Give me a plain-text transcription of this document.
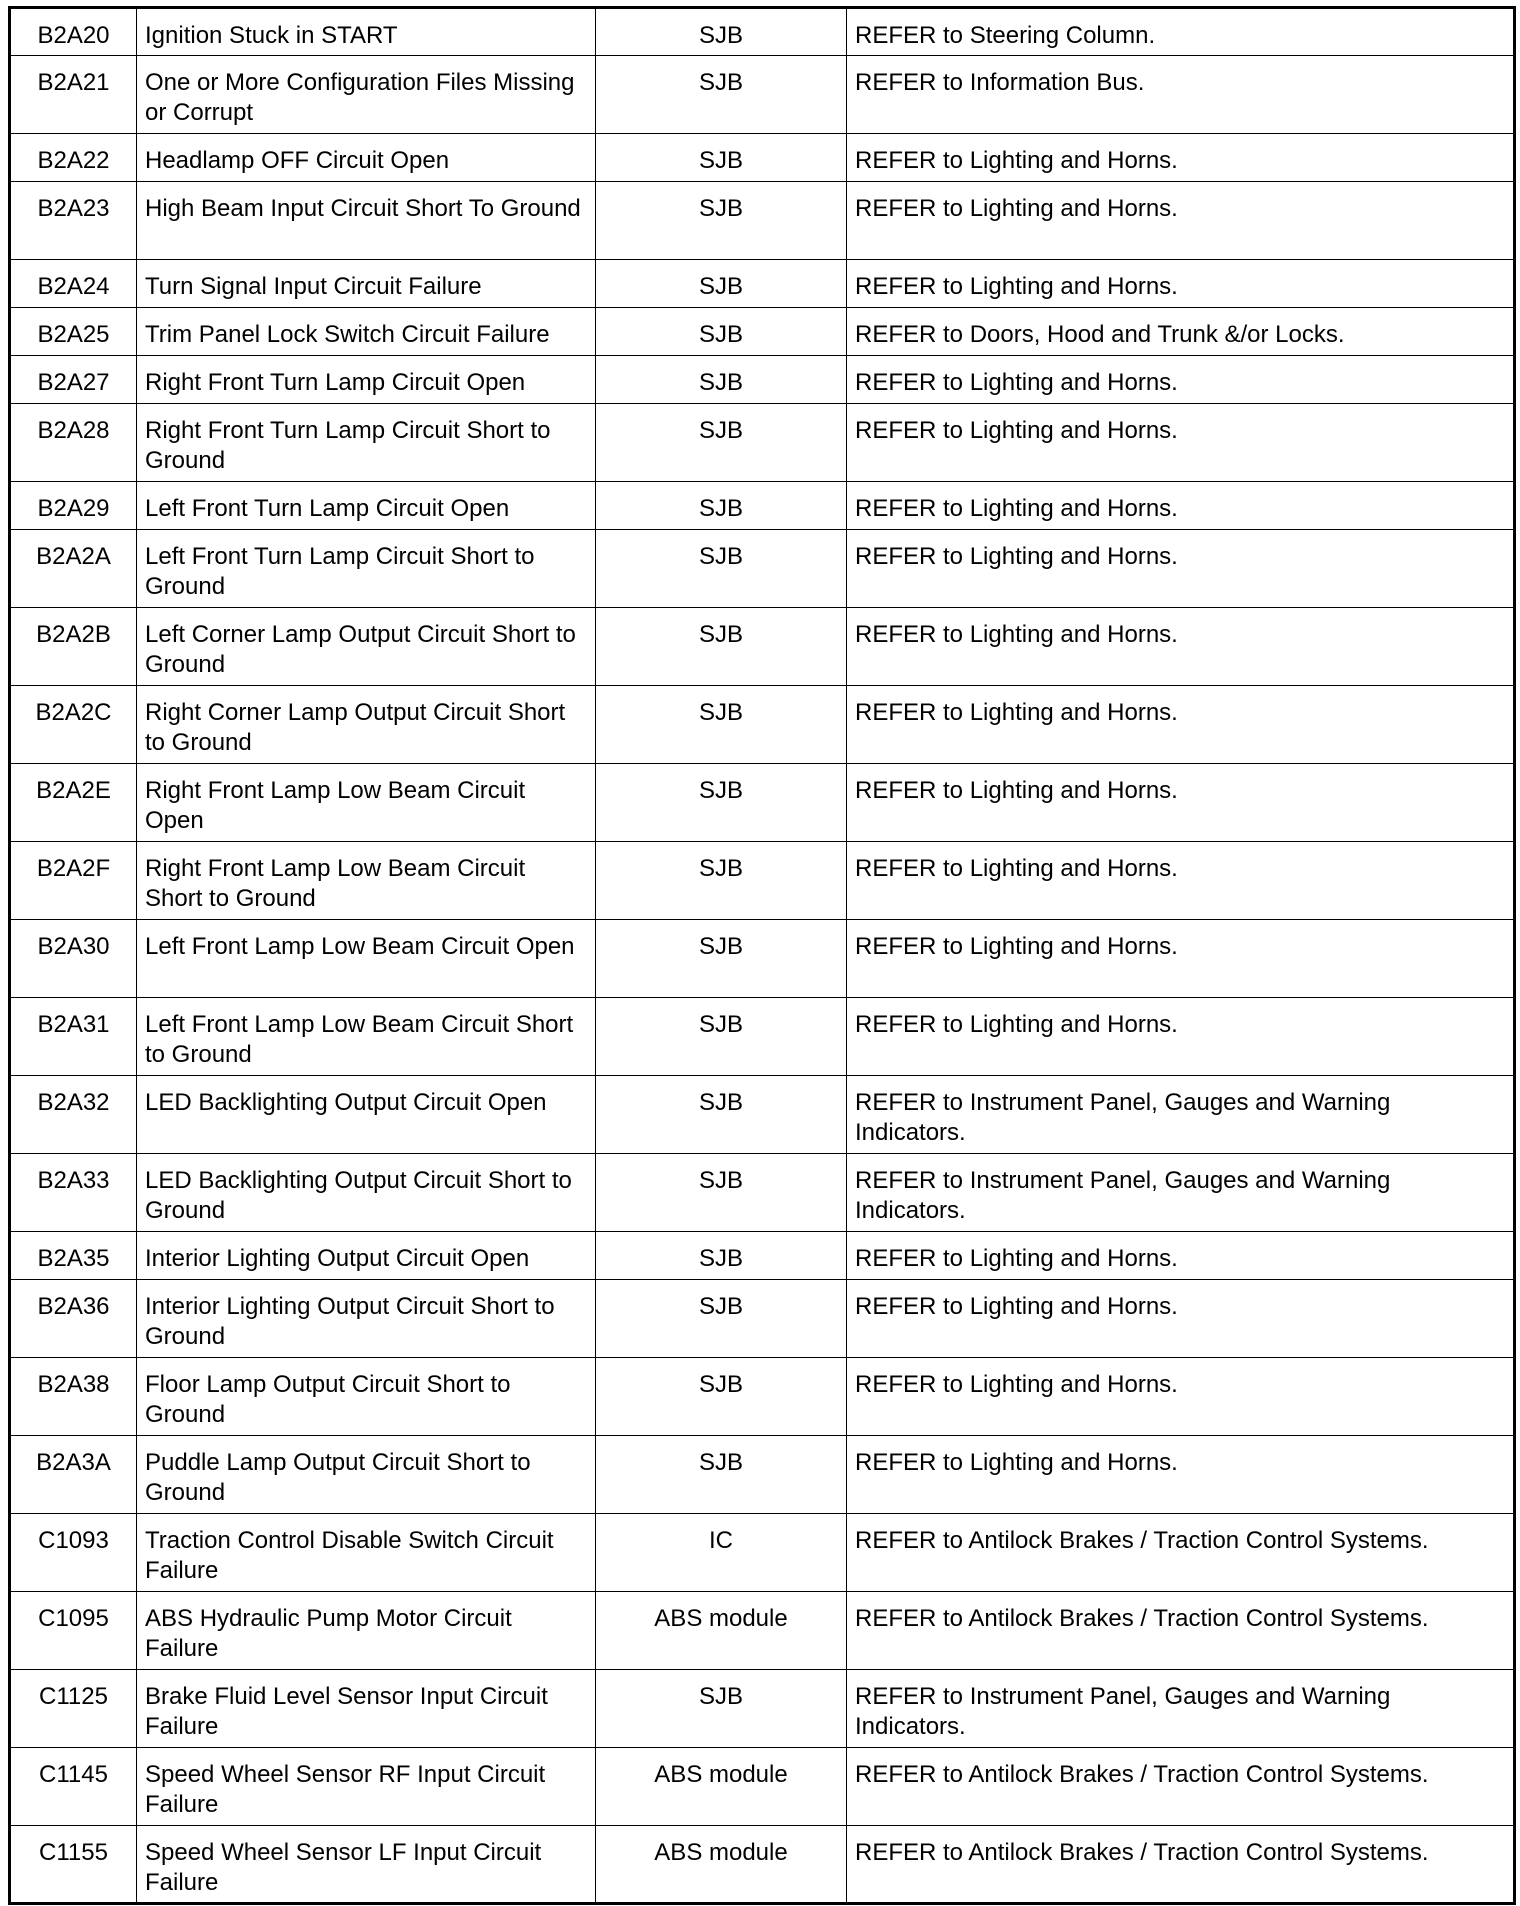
B2A20	Ignition Stuck in START	SJB	REFER to Steering Column.
B2A21	One or More Configuration Files Missing or Corrupt	SJB	REFER to Information Bus.
B2A22	Headlamp OFF Circuit Open	SJB	REFER to Lighting and Horns.
B2A23	High Beam Input Circuit Short To Ground	SJB	REFER to Lighting and Horns.
B2A24	Turn Signal Input Circuit Failure	SJB	REFER to Lighting and Horns.
B2A25	Trim Panel Lock Switch Circuit Failure	SJB	REFER to Doors, Hood and Trunk &/or Locks.
B2A27	Right Front Turn Lamp Circuit Open	SJB	REFER to Lighting and Horns.
B2A28	Right Front Turn Lamp Circuit Short to Ground	SJB	REFER to Lighting and Horns.
B2A29	Left Front Turn Lamp Circuit Open	SJB	REFER to Lighting and Horns.
B2A2A	Left Front Turn Lamp Circuit Short to Ground	SJB	REFER to Lighting and Horns.
B2A2B	Left Corner Lamp Output Circuit Short to Ground	SJB	REFER to Lighting and Horns.
B2A2C	Right Corner Lamp Output Circuit Short to Ground	SJB	REFER to Lighting and Horns.
B2A2E	Right Front Lamp Low Beam Circuit Open	SJB	REFER to Lighting and Horns.
B2A2F	Right Front Lamp Low Beam Circuit Short to Ground	SJB	REFER to Lighting and Horns.
B2A30	Left Front Lamp Low Beam Circuit Open	SJB	REFER to Lighting and Horns.
B2A31	Left Front Lamp Low Beam Circuit Short to Ground	SJB	REFER to Lighting and Horns.
B2A32	LED Backlighting Output Circuit Open	SJB	REFER to Instrument Panel, Gauges and Warning Indicators.
B2A33	LED Backlighting Output Circuit Short to Ground	SJB	REFER to Instrument Panel, Gauges and Warning Indicators.
B2A35	Interior Lighting Output Circuit Open	SJB	REFER to Lighting and Horns.
B2A36	Interior Lighting Output Circuit Short to Ground	SJB	REFER to Lighting and Horns.
B2A38	Floor Lamp Output Circuit Short to Ground	SJB	REFER to Lighting and Horns.
B2A3A	Puddle Lamp Output Circuit Short to Ground	SJB	REFER to Lighting and Horns.
C1093	Traction Control Disable Switch Circuit Failure	IC	REFER to Antilock Brakes / Traction Control Systems.
C1095	ABS Hydraulic Pump Motor Circuit Failure	ABS module	REFER to Antilock Brakes / Traction Control Systems.
C1125	Brake Fluid Level Sensor Input Circuit Failure	SJB	REFER to Instrument Panel, Gauges and Warning Indicators.
C1145	Speed Wheel Sensor RF Input Circuit Failure	ABS module	REFER to Antilock Brakes / Traction Control Systems.
C1155	Speed Wheel Sensor LF Input Circuit Failure	ABS module	REFER to Antilock Brakes / Traction Control Systems.
